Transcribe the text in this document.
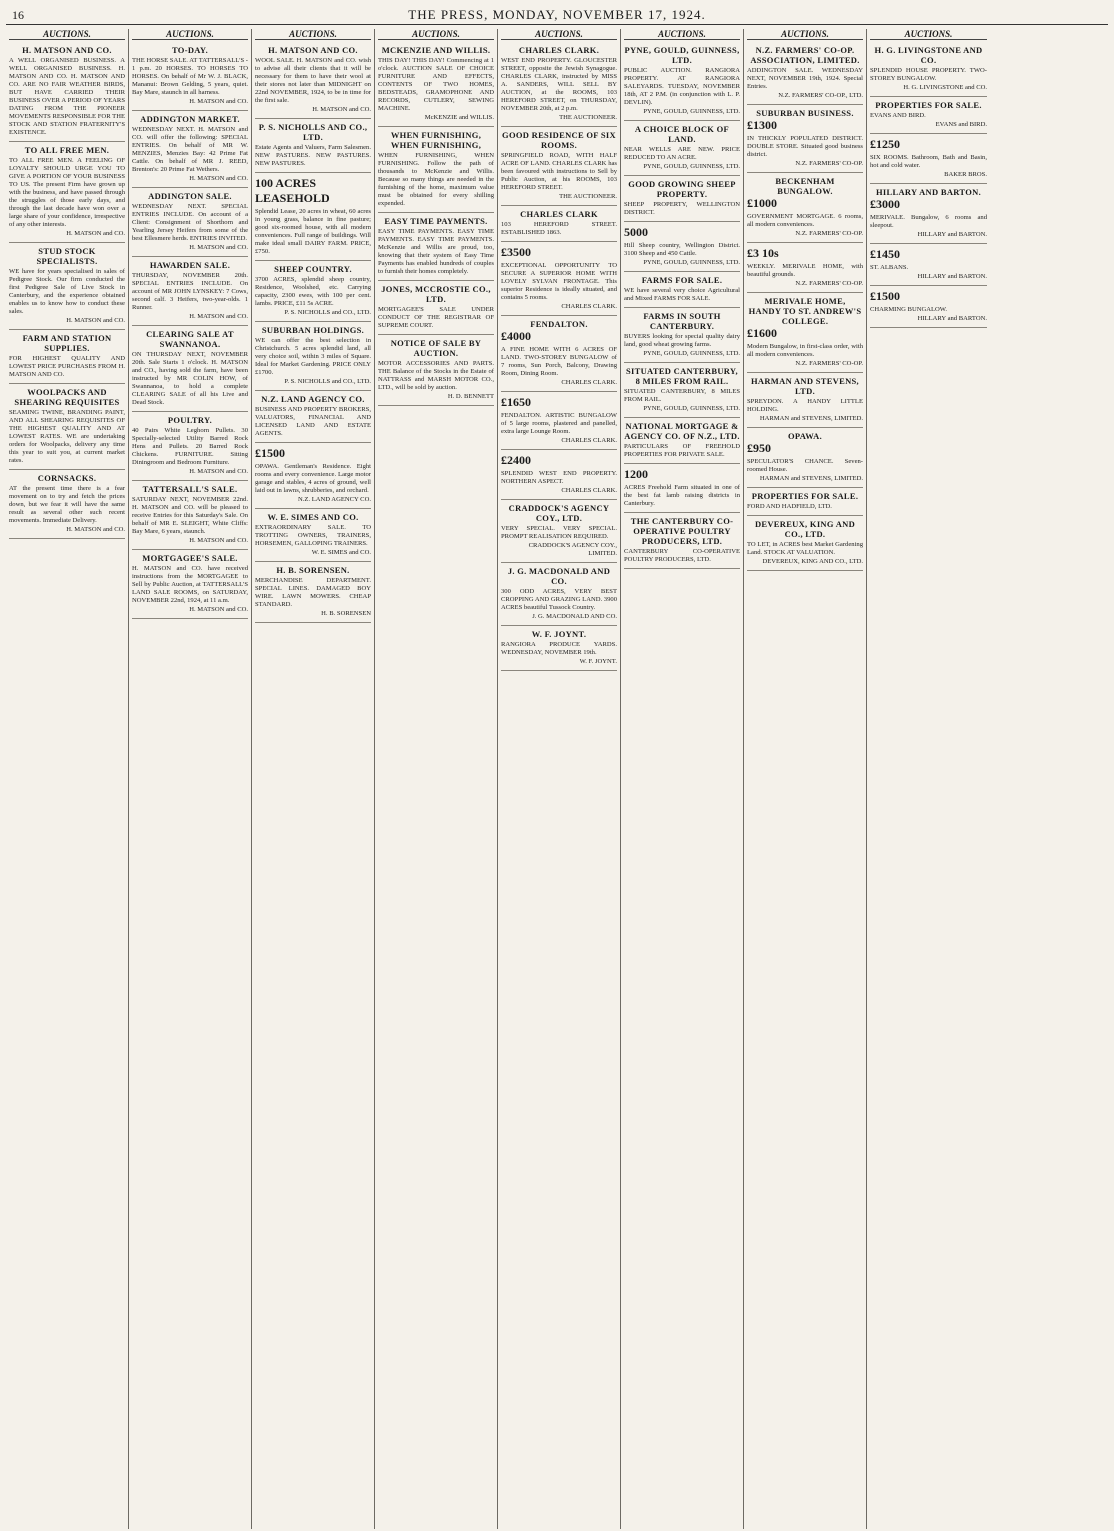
16	THE PRESS, MONDAY, NOVEMBER 17, 1924.
AUCTIONS.
H. MATSON AND CO.
A WELL ORGANISED BUSINESS. A WELL ORGANISED BUSINESS. H. MATSON AND CO. H. MATSON AND CO. ARE NO FAIR WEATHER BIRDS, BUT HAVE CARRIED THEIR BUSINESS OVER A PERIOD OF YEARS DATING FROM THE PIONEER MOVEMENTS RESPONSIBLE FOR THE STOCK AND STATION FRATERNITY'S EXISTENCE.
TO ALL FREE MEN.
TO ALL FREE MEN. A FEELING OF LOYALTY SHOULD URGE YOU TO GIVE A PORTION OF YOUR BUSINESS TO US. The present Firm have grown up with the business, and have passed through the struggles of those early days, and through the last decade have won over a large share of your confidence, irrespective of any other interests.
H. MATSON and CO.
STUD STOCK SPECIALISTS.
WE have for years specialised in sales of Pedigree Stock. Our firm conducted the first Pedigree Sale of Live Stock in Canterbury, and the experience obtained enables us to know how to conduct these sales.
H. MATSON and CO.
FARM AND STATION SUPPLIES.
FOR HIGHEST QUALITY AND LOWEST PRICE PURCHASES FROM H. MATSON AND CO.
WOOLPACKS AND SHEARING REQUISITES
SEAMING TWINE, BRANDING PAINT, AND ALL SHEARING REQUISITES OF THE HIGHEST QUALITY AND AT LOWEST RATES. WE are undertaking orders for Woolpacks, delivery any time this year to suit you, at current market rates.
CORNSACKS.
AT the present time there is a fear movement on to try and fetch the prices down, but we fear it will have the same result as several other such recent movements. Immediate Delivery.
H. MATSON and CO.
AUCTIONS.
TO-DAY.
THE HORSE SALE. AT TATTERSALL'S - 1 p.m. 20 HORSES. TO HORSES TO HORSES. On behalf of Mr W. J. BLACK, Mananui: Brown Gelding, 5 years, quiet. Bay Mare, staunch in all harness.
H. MATSON and CO.
ADDINGTON MARKET.
WEDNESDAY NEXT. H. MATSON and CO. will offer the following: SPECIAL ENTRIES. On behalf of MR W. MENZIES, Menzies Bay: 42 Prime Fat Cattle. On behalf of MR J. REED, Brenton's: 20 Prime Fat Wethers.
H. MATSON and CO.
ADDINGTON SALE.
WEDNESDAY NEXT. SPECIAL ENTRIES INCLUDE. On account of a Client: Consignment of Shorthorn and Yearling Jersey Heifers from some of the best Ellesmere herds. ENTRIES INVITED.
H. MATSON and CO.
HAWARDEN SALE.
THURSDAY, NOVEMBER 20th. SPECIAL ENTRIES INCLUDE. On account of MR JOHN LYNSKEY: 7 Cows, second calf. 3 Heifers, two-year-olds. 1 Runner.
H. MATSON and CO.
CLEARING SALE AT SWANNANOA.
ON THURSDAY NEXT, NOVEMBER 20th. Sale Starts 1 o'clock. H. MATSON and CO., having sold the farm, have been instructed by MR COLIN HOW, of Swannanoa, to hold a complete CLEARING SALE of all his Live and Dead Stock.
POULTRY.
40 Pairs White Leghorn Pullets. 30 Specially-selected Utility Barred Rock Hens and Pullets. 20 Barred Rock Chickens. FURNITURE. Sitting Diningroom and Bedroom Furniture.
H. MATSON and CO.
TATTERSALL'S SALE.
SATURDAY NEXT, NOVEMBER 22nd. H. MATSON and CO. will be pleased to receive Entries for this Saturday's Sale. On behalf of MR E. SLEIGHT, White Cliffs: Bay Mare, 6 years, staunch.
H. MATSON and CO.
MORTGAGEE'S SALE.
H. MATSON and CO. have received instructions from the MORTGAGEE to Sell by Public Auction, at TATTERSALL'S LAND SALE ROOMS, on SATURDAY, NOVEMBER 22nd, 1924, at 11 a.m.
H. MATSON and CO.
AUCTIONS.
H. MATSON AND CO.
WOOL SALE. H. MATSON and CO. wish to advise all their clients that it will be necessary for them to have their wool at their stores not later than MIDNIGHT on 22nd NOVEMBER, 1924, to be in time for the first sale.
H. MATSON and CO.
P. S. NICHOLLS AND CO., LTD.
Estate Agents and Valuers, Farm Salesmen. NEW PASTURES. NEW PASTURES. NEW PASTURES.
100 ACRES LEASEHOLD
Splendid Lease, 20 acres in wheat, 60 acres in young grass, balance in fine pasture; good six-roomed house, with all modern conveniences. Full range of buildings. Will make ideal small DAIRY FARM. PRICE, £750.
SHEEP COUNTRY.
3700 ACRES, splendid sheep country, Residence, Woolshed, etc. Carrying capacity, 2300 ewes, with 100 per cent. lambs. PRICE, £11 5s ACRE.
P. S. NICHOLLS and CO., LTD.
SUBURBAN HOLDINGS.
WE can offer the best selection in Christchurch. 5 acres splendid land, all very choice soil, within 3 miles of Square. Ideal for Market Gardening. PRICE ONLY £1700.
P. S. NICHOLLS and CO., LTD.
N.Z. LAND AGENCY CO.
BUSINESS AND PROPERTY BROKERS, VALUATORS, FINANCIAL AND LICENSED LAND AND ESTATE AGENTS.
£1500
OPAWA. Gentleman's Residence. Eight rooms and every convenience. Large motor garage and stables, 4 acres of ground, well laid out in lawns, shrubberies, and orchard.
N.Z. LAND AGENCY CO.
W. E. SIMES AND CO.
EXTRAORDINARY SALE. TO TROTTING OWNERS, TRAINERS, HORSEMEN, GALLOPING TRAINERS.
W. E. SIMES and CO.
H. B. SORENSEN.
MERCHANDISE DEPARTMENT. SPECIAL LINES. DAMAGED BOY WIRE. LAWN MOWERS. CHEAP STANDARD.
H. B. SORENSEN
AUCTIONS.
MCKENZIE AND WILLIS.
THIS DAY! THIS DAY! Commencing at 1 o'clock. AUCTION SALE OF CHOICE FURNITURE AND EFFECTS, CONTENTS OF TWO HOMES, BEDSTEADS, GRAMOPHONE AND RECORDS, CUTLERY, SEWING MACHINE.
McKENZIE and WILLIS.
WHEN FURNISHING, WHEN FURNISHING,
WHEN FURNISHING, WHEN FURNISHING. Follow the path of thousands to McKenzie and Willis. Because so many things are needed in the furnishing of the home, maximum value must be obtained for every shilling expended.
EASY TIME PAYMENTS.
EASY TIME PAYMENTS. EASY TIME PAYMENTS. EASY TIME PAYMENTS. McKenzie and Willis are proud, too, knowing that their system of Easy Time Payments has enabled hundreds of couples to furnish their homes completely.
JONES, MCCROSTIE CO., LTD.
MORTGAGEE'S SALE UNDER CONDUCT OF THE REGISTRAR OF SUPREME COURT.
NOTICE OF SALE BY AUCTION.
MOTOR ACCESSORIES AND PARTS. THE Balance of the Stocks in the Estate of NATTRASS and MARSH MOTOR CO., LTD., will be sold by auction.
H. D. BENNETT
AUCTIONS.
CHARLES CLARK.
WEST END PROPERTY. GLOUCESTER STREET, opposite the Jewish Synagogue. CHARLES CLARK, instructed by MISS A. SANDERS, WILL SELL BY AUCTION, at the ROOMS, 103 HEREFORD STREET, on THURSDAY, NOVEMBER 20th, at 2 p.m.
THE AUCTIONEER.
GOOD RESIDENCE OF SIX ROOMS.
SPRINGFIELD ROAD, WITH HALF ACRE OF LAND. CHARLES CLARK has been favoured with instructions to Sell by Public Auction, at his ROOMS, 103 HEREFORD STREET.
THE AUCTIONEER.
CHARLES CLARK
103 HEREFORD STREET. ESTABLISHED 1863.
£3500
EXCEPTIONAL OPPORTUNITY TO SECURE A SUPERIOR HOME WITH LOVELY SYLVAN FRONTAGE. This superior Residence is ideally situated, and contains 5 rooms.
CHARLES CLARK.
FENDALTON.
£4000
A FINE HOME WITH 6 ACRES OF LAND. TWO-STOREY BUNGALOW of 7 rooms, Sun Porch, Balcony, Drawing Room, Dining Room.
CHARLES CLARK.
£1650
FENDALTON. ARTISTIC BUNGALOW of 5 large rooms, plastered and panelled, extra large Lounge Room.
CHARLES CLARK.
£2400
SPLENDID WEST END PROPERTY. NORTHERN ASPECT.
CHARLES CLARK.
CRADDOCK'S AGENCY COY., LTD.
VERY SPECIAL. VERY SPECIAL. PROMPT REALISATION REQUIRED.
CRADDOCK'S AGENCY COY., LIMITED.
J. G. MACDONALD AND CO.
300 ODD ACRES, VERY BEST CROPPING AND GRAZING LAND. 3900 ACRES beautiful Tussock Country.
J. G. MACDONALD AND CO.
W. F. JOYNT.
RANGIORA PRODUCE YARDS. WEDNESDAY, NOVEMBER 19th.
W. F. JOYNT.
AUCTIONS.
PYNE, GOULD, GUINNESS, LTD.
PUBLIC AUCTION. RANGIORA PROPERTY. AT RANGIORA SALEYARDS. TUESDAY, NOVEMBER 18th, AT 2 P.M. (in conjunction with L. P. DEVLIN).
PYNE, GOULD, GUINNESS, LTD.
A CHOICE BLOCK OF LAND.
NEAR WELLS ARE NEW. PRICE REDUCED TO AN ACRE.
PYNE, GOULD, GUINNESS, LTD.
GOOD GROWING SHEEP PROPERTY.
SHEEP PROPERTY, WELLINGTON DISTRICT.
5000
Hill Sheep country, Wellington District. 3100 Sheep and 450 Cattle.
PYNE, GOULD, GUINNESS, LTD.
FARMS FOR SALE.
WE have several very choice Agricultural and Mixed FARMS FOR SALE.
FARMS IN SOUTH CANTERBURY.
BUYERS looking for special quality dairy land, good wheat growing farms.
PYNE, GOULD, GUINNESS, LTD.
SITUATED CANTERBURY, 8 MILES FROM RAIL.
SITUATED CANTERBURY, 8 MILES FROM RAIL.
PYNE, GOULD, GUINNESS, LTD.
NATIONAL MORTGAGE & AGENCY CO. OF N.Z., LTD.
PARTICULARS OF FREEHOLD PROPERTIES FOR PRIVATE SALE.
1200
ACRES Freehold Farm situated in one of the best fat lamb raising districts in Canterbury.
THE CANTERBURY CO-OPERATIVE POULTRY PRODUCERS, LTD.
CANTERBURY CO-OPERATIVE POULTRY PRODUCERS, LTD.
AUCTIONS.
N.Z. FARMERS' CO-OP. ASSOCIATION, LIMITED.
ADDINGTON SALE. WEDNESDAY NEXT, NOVEMBER 19th, 1924. Special Entries.
N.Z. FARMERS' CO-OP., LTD.
SUBURBAN BUSINESS.
£1300
IN THICKLY POPULATED DISTRICT. DOUBLE STORE. Situated good business district.
N.Z. FARMERS' CO-OP.
BECKENHAM BUNGALOW.
£1000
GOVERNMENT MORTGAGE. 6 rooms, all modern conveniences.
N.Z. FARMERS' CO-OP.
£3 10s
WEEKLY. MERIVALE HOME, with beautiful grounds.
N.Z. FARMERS' CO-OP.
MERIVALE HOME, HANDY TO ST. ANDREW'S COLLEGE.
£1600
Modern Bungalow, in first-class order, with all modern conveniences.
N.Z. FARMERS' CO-OP.
HARMAN AND STEVENS, LTD.
SPREYDON. A HANDY LITTLE HOLDING.
HARMAN and STEVENS, LIMITED.
OPAWA.
£950
SPECULATOR'S CHANCE. Seven-roomed House.
HARMAN and STEVENS, LIMITED.
PROPERTIES FOR SALE.
FORD AND HADFIELD, LTD.
DEVEREUX, KING AND CO., LTD.
TO LET, in ACRES best Market Gardening Land. STOCK AT VALUATION.
DEVEREUX, KING AND CO., LTD.
AUCTIONS.
H. G. LIVINGSTONE AND CO.
SPLENDID HOUSE PROPERTY. TWO-STOREY BUNGALOW.
H. G. LIVINGSTONE and CO.
PROPERTIES FOR SALE.
EVANS AND BIRD.
EVANS and BIRD.
£1250
SIX ROOMS. Bathroom, Bath and Basin, hot and cold water.
BAKER BROS.
HILLARY AND BARTON.
£3000
MERIVALE. Bungalow, 6 rooms and sleepout.
HILLARY and BARTON.
£1450
ST. ALBANS.
HILLARY and BARTON.
£1500
CHARMING BUNGALOW.
HILLARY and BARTON.
